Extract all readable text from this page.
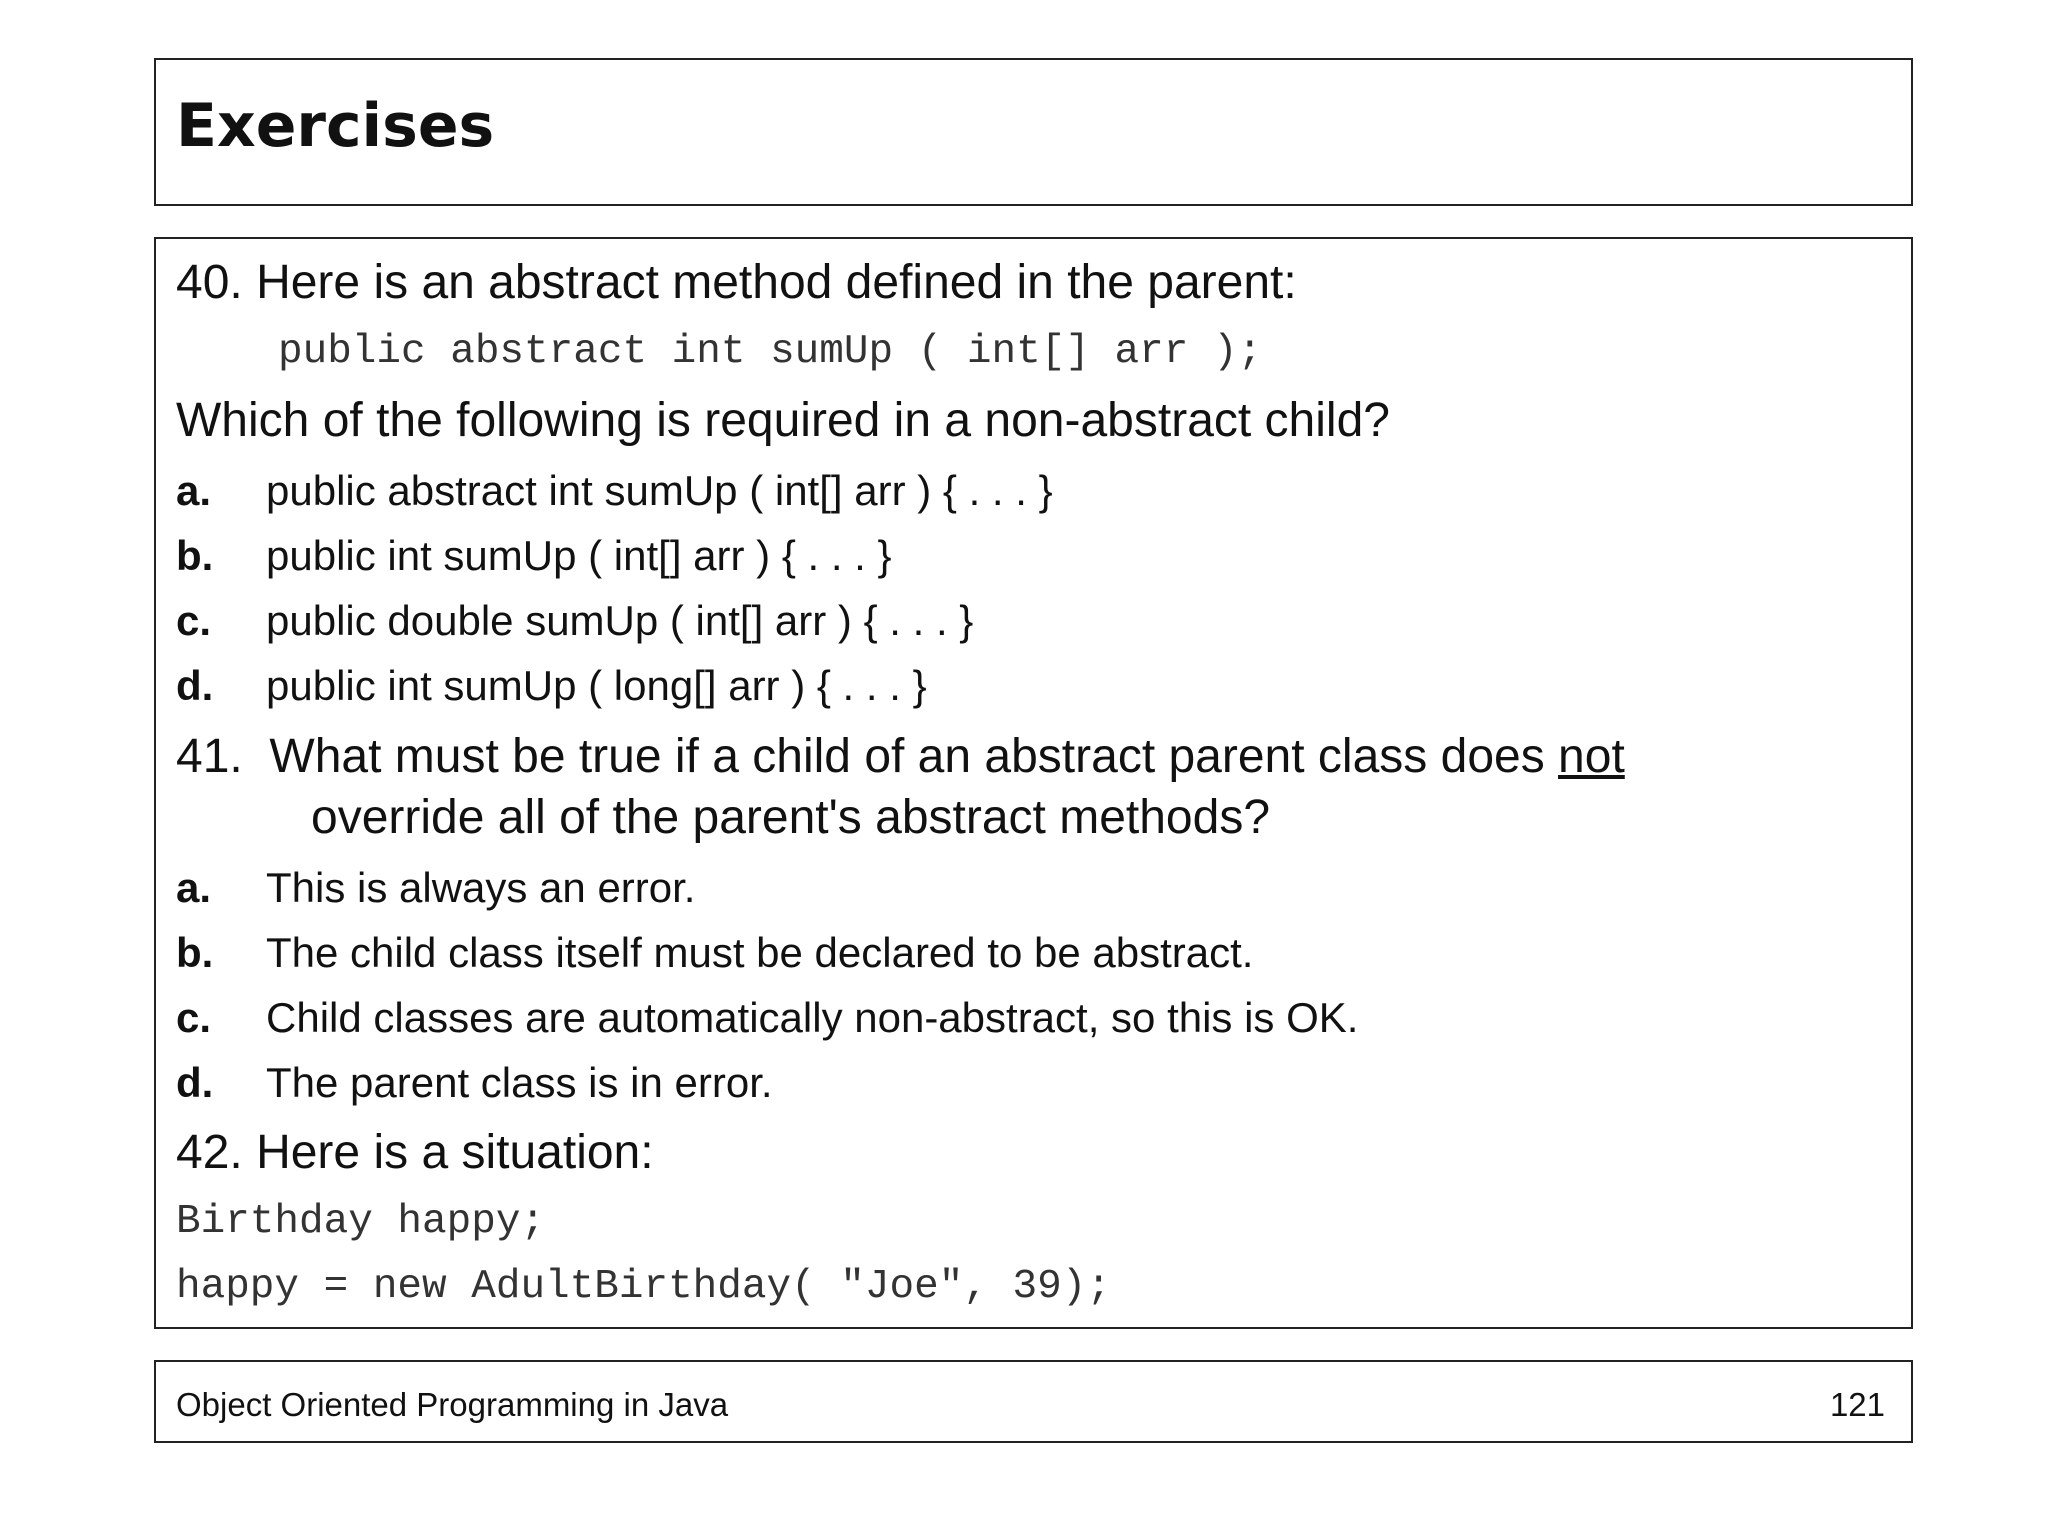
Exercises

40. Here is an abstract method defined in the parent:

public abstract int sumUp ( int[] arr );

Which of the following is required in a non-abstract child?

a. public abstract int sumUp ( int[] arr ) { . . . }

b. public int sumUp ( int[] arr ) { . . . }

c. public double sumUp ( int[] arr ) { . . . }

d. public int sumUp ( long[] arr ) { . . . }

41.  What must be true if a child of an abstract parent class does not

override all of the parent's abstract methods?

a. This is always an error.

b. The child class itself must be declared to be abstract.

c. Child classes are automatically non-abstract, so this is OK.

d. The parent class is in error.

42. Here is a situation:

Birthday happy;

happy = new AdultBirthday( "Joe", 39);

Object Oriented Programming in Java	121
